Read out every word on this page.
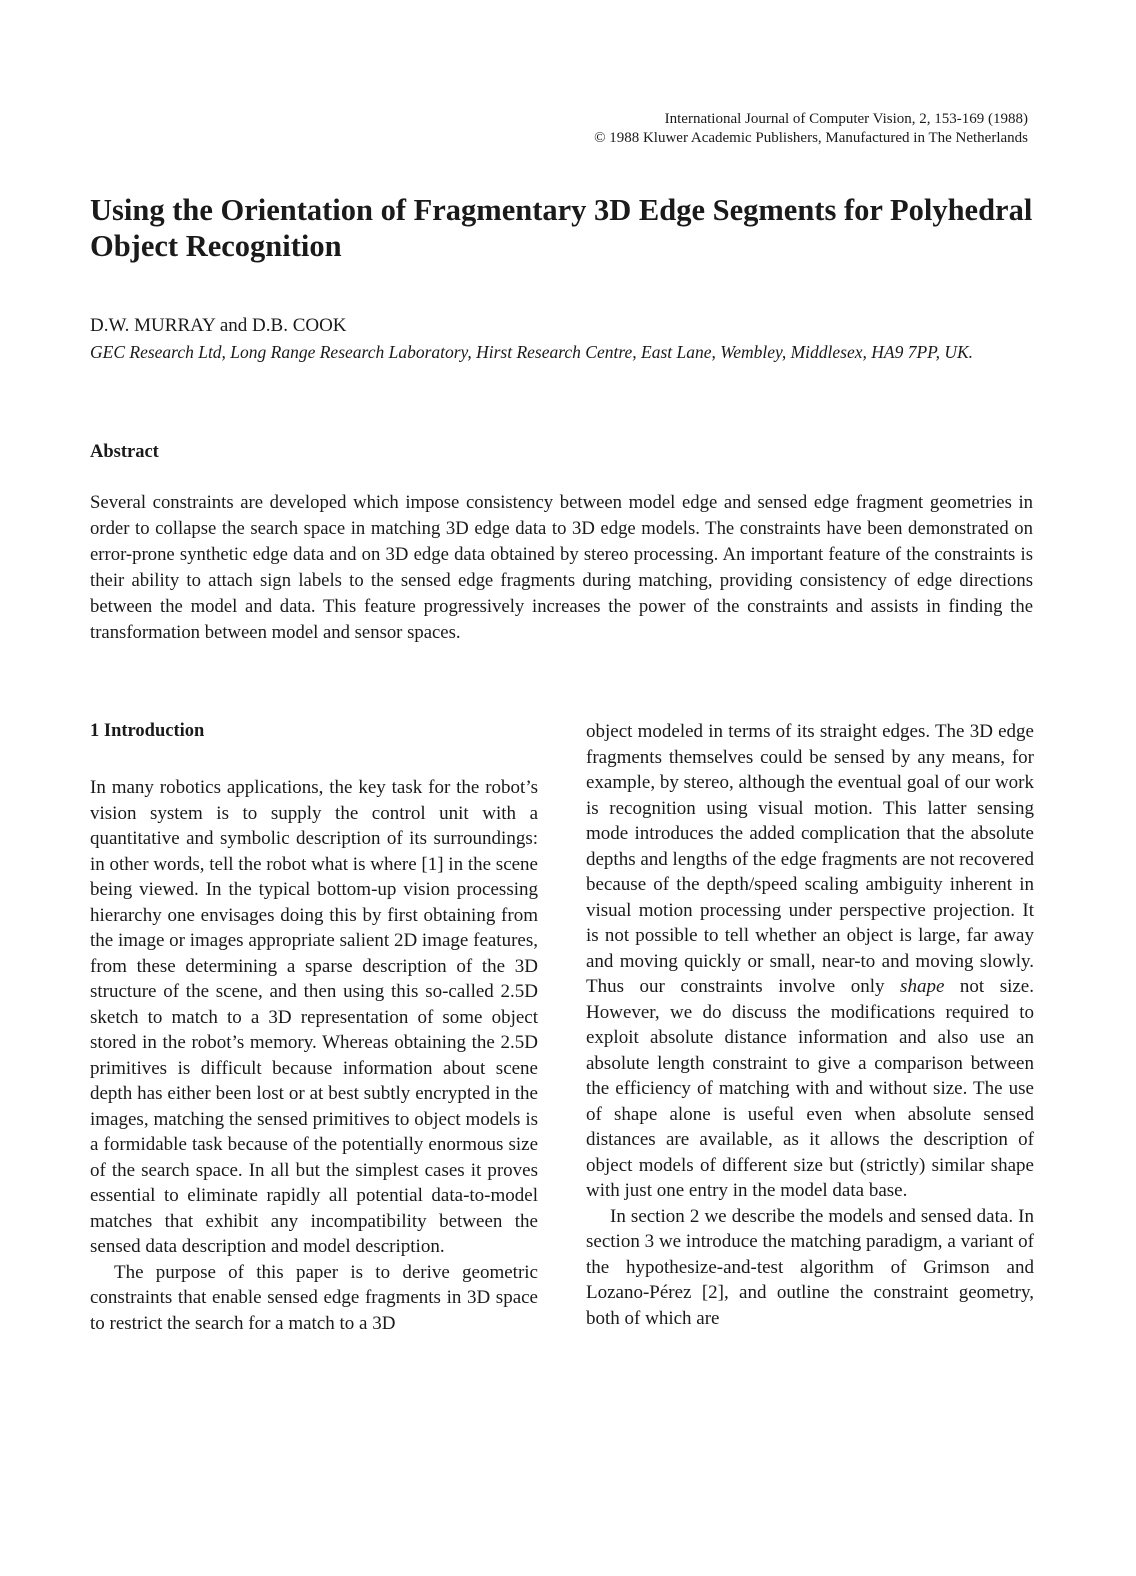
International Journal of Computer Vision, 2, 153-169 (1988)
© 1988 Kluwer Academic Publishers, Manufactured in The Netherlands
Using the Orientation of Fragmentary 3D Edge Segments for Polyhedral Object Recognition
D.W. MURRAY and D.B. COOK
GEC Research Ltd, Long Range Research Laboratory, Hirst Research Centre, East Lane, Wembley, Middlesex, HA9 7PP, UK.
Abstract

Several constraints are developed which impose consistency between model edge and sensed edge fragment geometries in order to collapse the search space in matching 3D edge data to 3D edge models. The constraints have been demonstrated on error-prone synthetic edge data and on 3D edge data obtained by stereo processing. An important feature of the constraints is their ability to attach sign labels to the sensed edge fragments during matching, providing consistency of edge directions between the model and data. This feature progressively increases the power of the constraints and assists in finding the transformation between model and sensor spaces.

1 Introduction

In many robotics applications, the key task for the robot’s vision system is to supply the control unit with a quantitative and symbolic description of its surroundings: in other words, tell the robot what is where [1] in the scene being viewed. In the typical bottom-up vision processing hierarchy one envisages doing this by first obtaining from the image or images appropriate salient 2D image features, from these determining a sparse description of the 3D structure of the scene, and then using this so-called 2.5D sketch to match to a 3D representation of some object stored in the robot’s memory. Whereas obtaining the 2.5D primitives is difficult because information about scene depth has either been lost or at best subtly encrypted in the images, matching the sensed primitives to object models is a formidable task because of the potentially enormous size of the search space. In all but the simplest cases it proves essential to eliminate rapidly all potential data-to-model matches that exhibit any incompatibility between the sensed data description and model description.

The purpose of this paper is to derive geometric constraints that enable sensed edge fragments in 3D space to restrict the search for a match to a 3D

object modeled in terms of its straight edges. The 3D edge fragments themselves could be sensed by any means, for example, by stereo, although the eventual goal of our work is recognition using visual motion. This latter sensing mode introduces the added complication that the absolute depths and lengths of the edge fragments are not recovered because of the depth/speed scaling ambiguity inherent in visual motion processing under perspective projection. It is not possible to tell whether an object is large, far away and moving quickly or small, near-to and moving slowly. Thus our constraints involve only shape not size. However, we do discuss the modifications required to exploit absolute distance information and also use an absolute length constraint to give a comparison between the efficiency of matching with and without size. The use of shape alone is useful even when absolute sensed distances are available, as it allows the description of object models of different size but (strictly) similar shape with just one entry in the model data base.

In section 2 we describe the models and sensed data. In section 3 we introduce the matching paradigm, a variant of the hypothesize-and-test algorithm of Grimson and Lozano-Pérez [2], and outline the constraint geometry, both of which are
